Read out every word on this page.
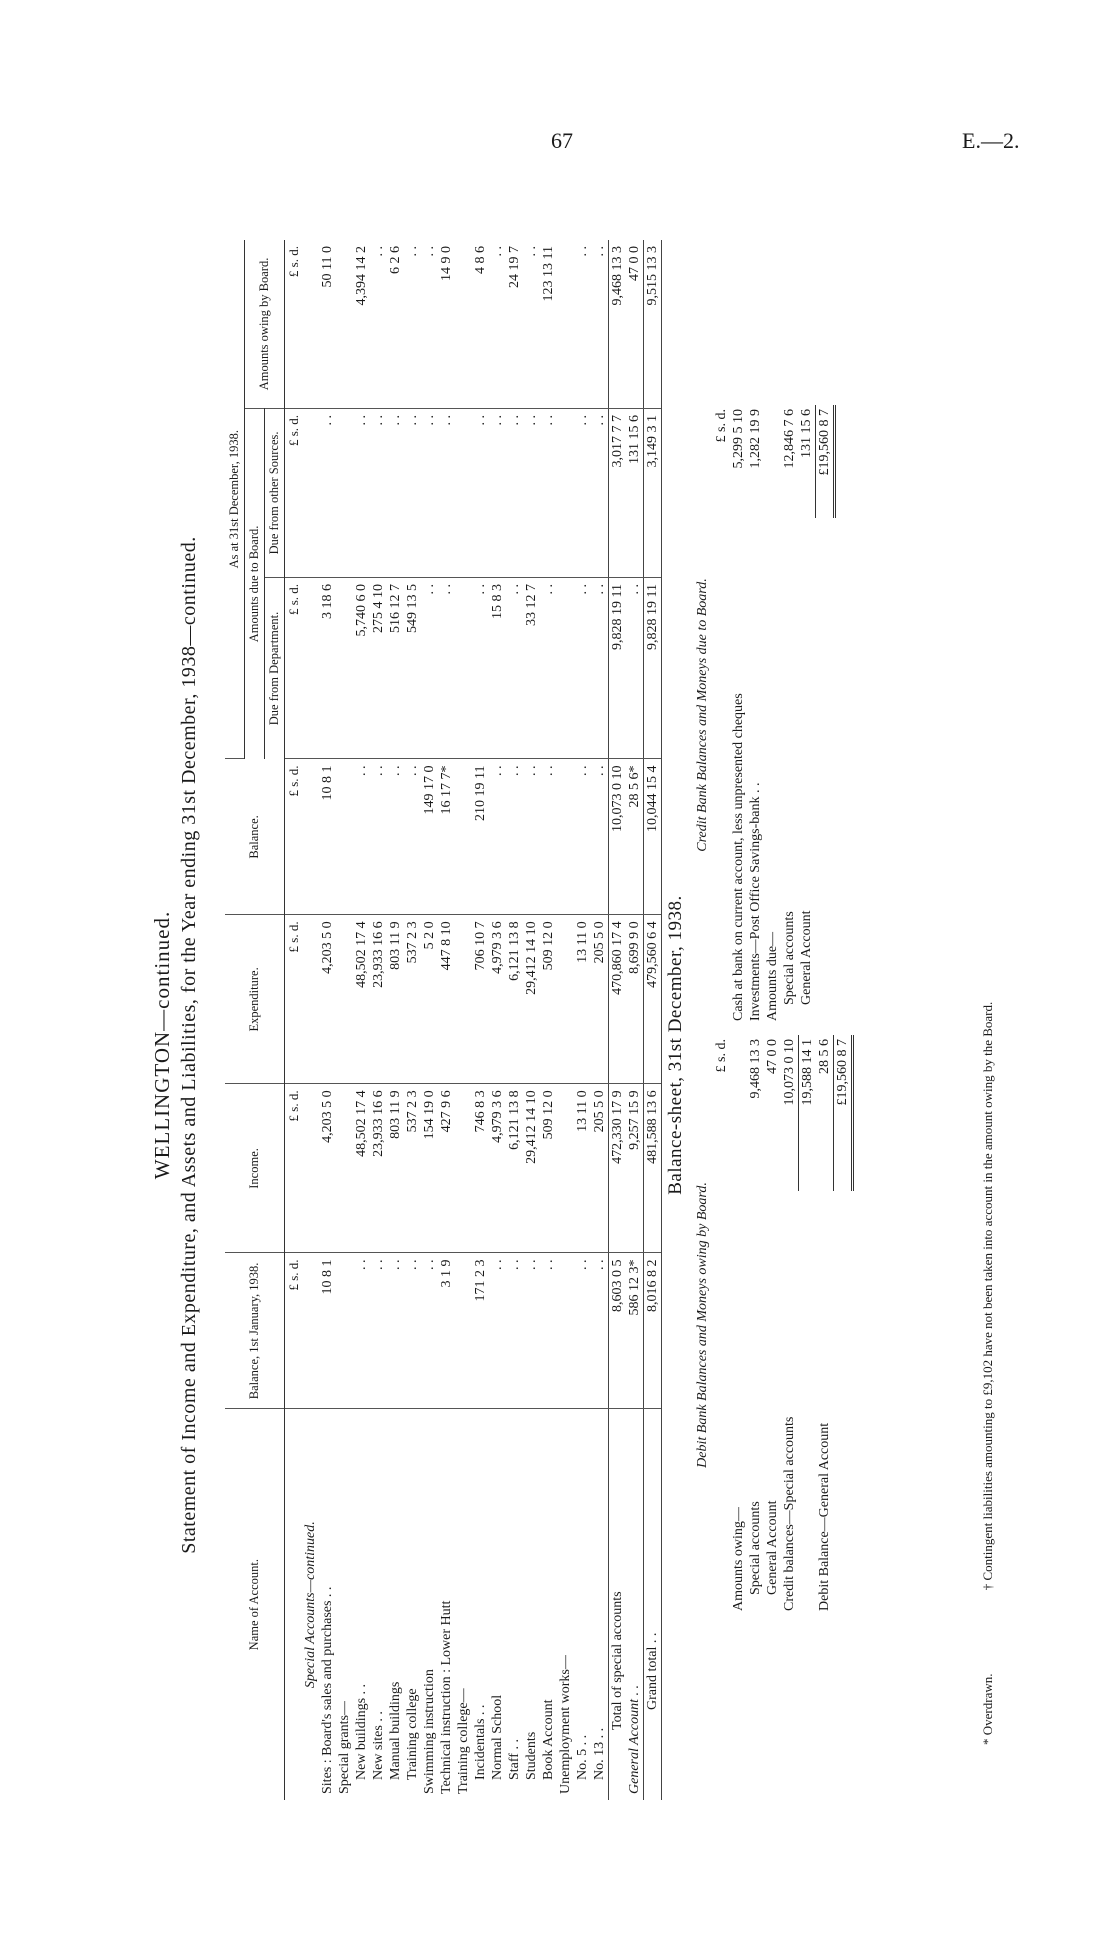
67	E.—2.
WELLINGTON—continued. Statement of Income and Expenditure, and Assets and Liabilities, for the Year ending 31st December, 1938—continued.
Name of Account.	Balance, 1st January, 1938.	Income.	Expenditure.	Balance.	As at 31st December, 1938.		
					Amounts due to Board.		Amounts owing by Board.
					Due from Department.	Due from other Sources.	
	£ s. d.	£ s. d.	£ s. d.	£ s. d.	£ s. d.	£ s. d.	£ s. d.
Special Accounts—continued.							
Sites : Board's sales and purchases . .	10 8 1	4,203 5 0	4,203 5 0	10 8 1	3 18 6	. .	50 11 0
Special grants—							
New buildings . .	. .	48,502 17 4	48,502 17 4	. .	5,740 6 0	. .	4,394 14 2
New sites . .	. .	23,933 16 6	23,933 16 6	. .	275 4 10	. .	. .
Manual buildings	. .	803 11 9	803 11 9	. .	516 12 7	. .	6 2 6
Training college	. .	537 2 3	537 2 3	. .	549 13 5	. .	. .
Swimming instruction	. .	154 19 0	5 2 0	149 17 0	. .	. .	. .
Technical instruction : Lower Hutt	3 1 9	427 9 6	447 8 10	16 17 7*	. .	. .	14 9 0
Training college—							
Incidentals . .	171 2 3	746 8 3	706 10 7	210 19 11	. .	. .	4 8 6
Normal School	. .	4,979 3 6	4,979 3 6	. .	15 8 3	. .	. .
Staff . .	. .	6,121 13 8	6,121 13 8	. .	. .	. .	24 19 7
Students	. .	29,412 14 10	29,412 14 10	. .	33 12 7	. .	. .
Book Account	. .	509 12 0	509 12 0	. .	. .	. .	123 13 11
Unemployment works—							
No. 5 . .	. .	13 11 0	13 11 0	. .	. .	. .	. .
No. 13 . .	. .	205 5 0	205 5 0	. .	. .	. .	. .
Total of special accounts	8,603 0 5	472,330 17 9	470,860 17 4	10,073 0 10	9,828 19 11	3,017 7 7	9,468 13 3
General Account . .	586 12 3*	9,257 15 9	8,699 9 0	28 5 6*	. .	131 15 6	47 0 0
Grand total . .	8,016 8 2	481,588 13 6	479,560 6 4	10,044 15 4	9,828 19 11	3,149 3 1	9,515 13 3
Balance-sheet, 31st December, 1938.
Debit Bank Balances and Moneys owing by Board.
	£ s. d.
Amounts owing—	
Special accounts	9,468 13 3
General Account	47 0 0
Credit balances—Special accounts	10,073 0 10
	19,588 14 1
Debit Balance—General Account	28 5 6
	£19,560 8 7
Credit Bank Balances and Moneys due to Board.
	£ s. d.
Cash at bank on current account, less unpresented cheques	5,299 5 10
Investments—Post Office Savings-bank . .	1,282 19 9
Amounts due—	
Special accounts	12,846 7 6
General Account	131 15 6
	£19,560 8 7
* Overdrawn. † Contingent liabilities amounting to £9,102 have not been taken into account in the amount owing by the Board.
